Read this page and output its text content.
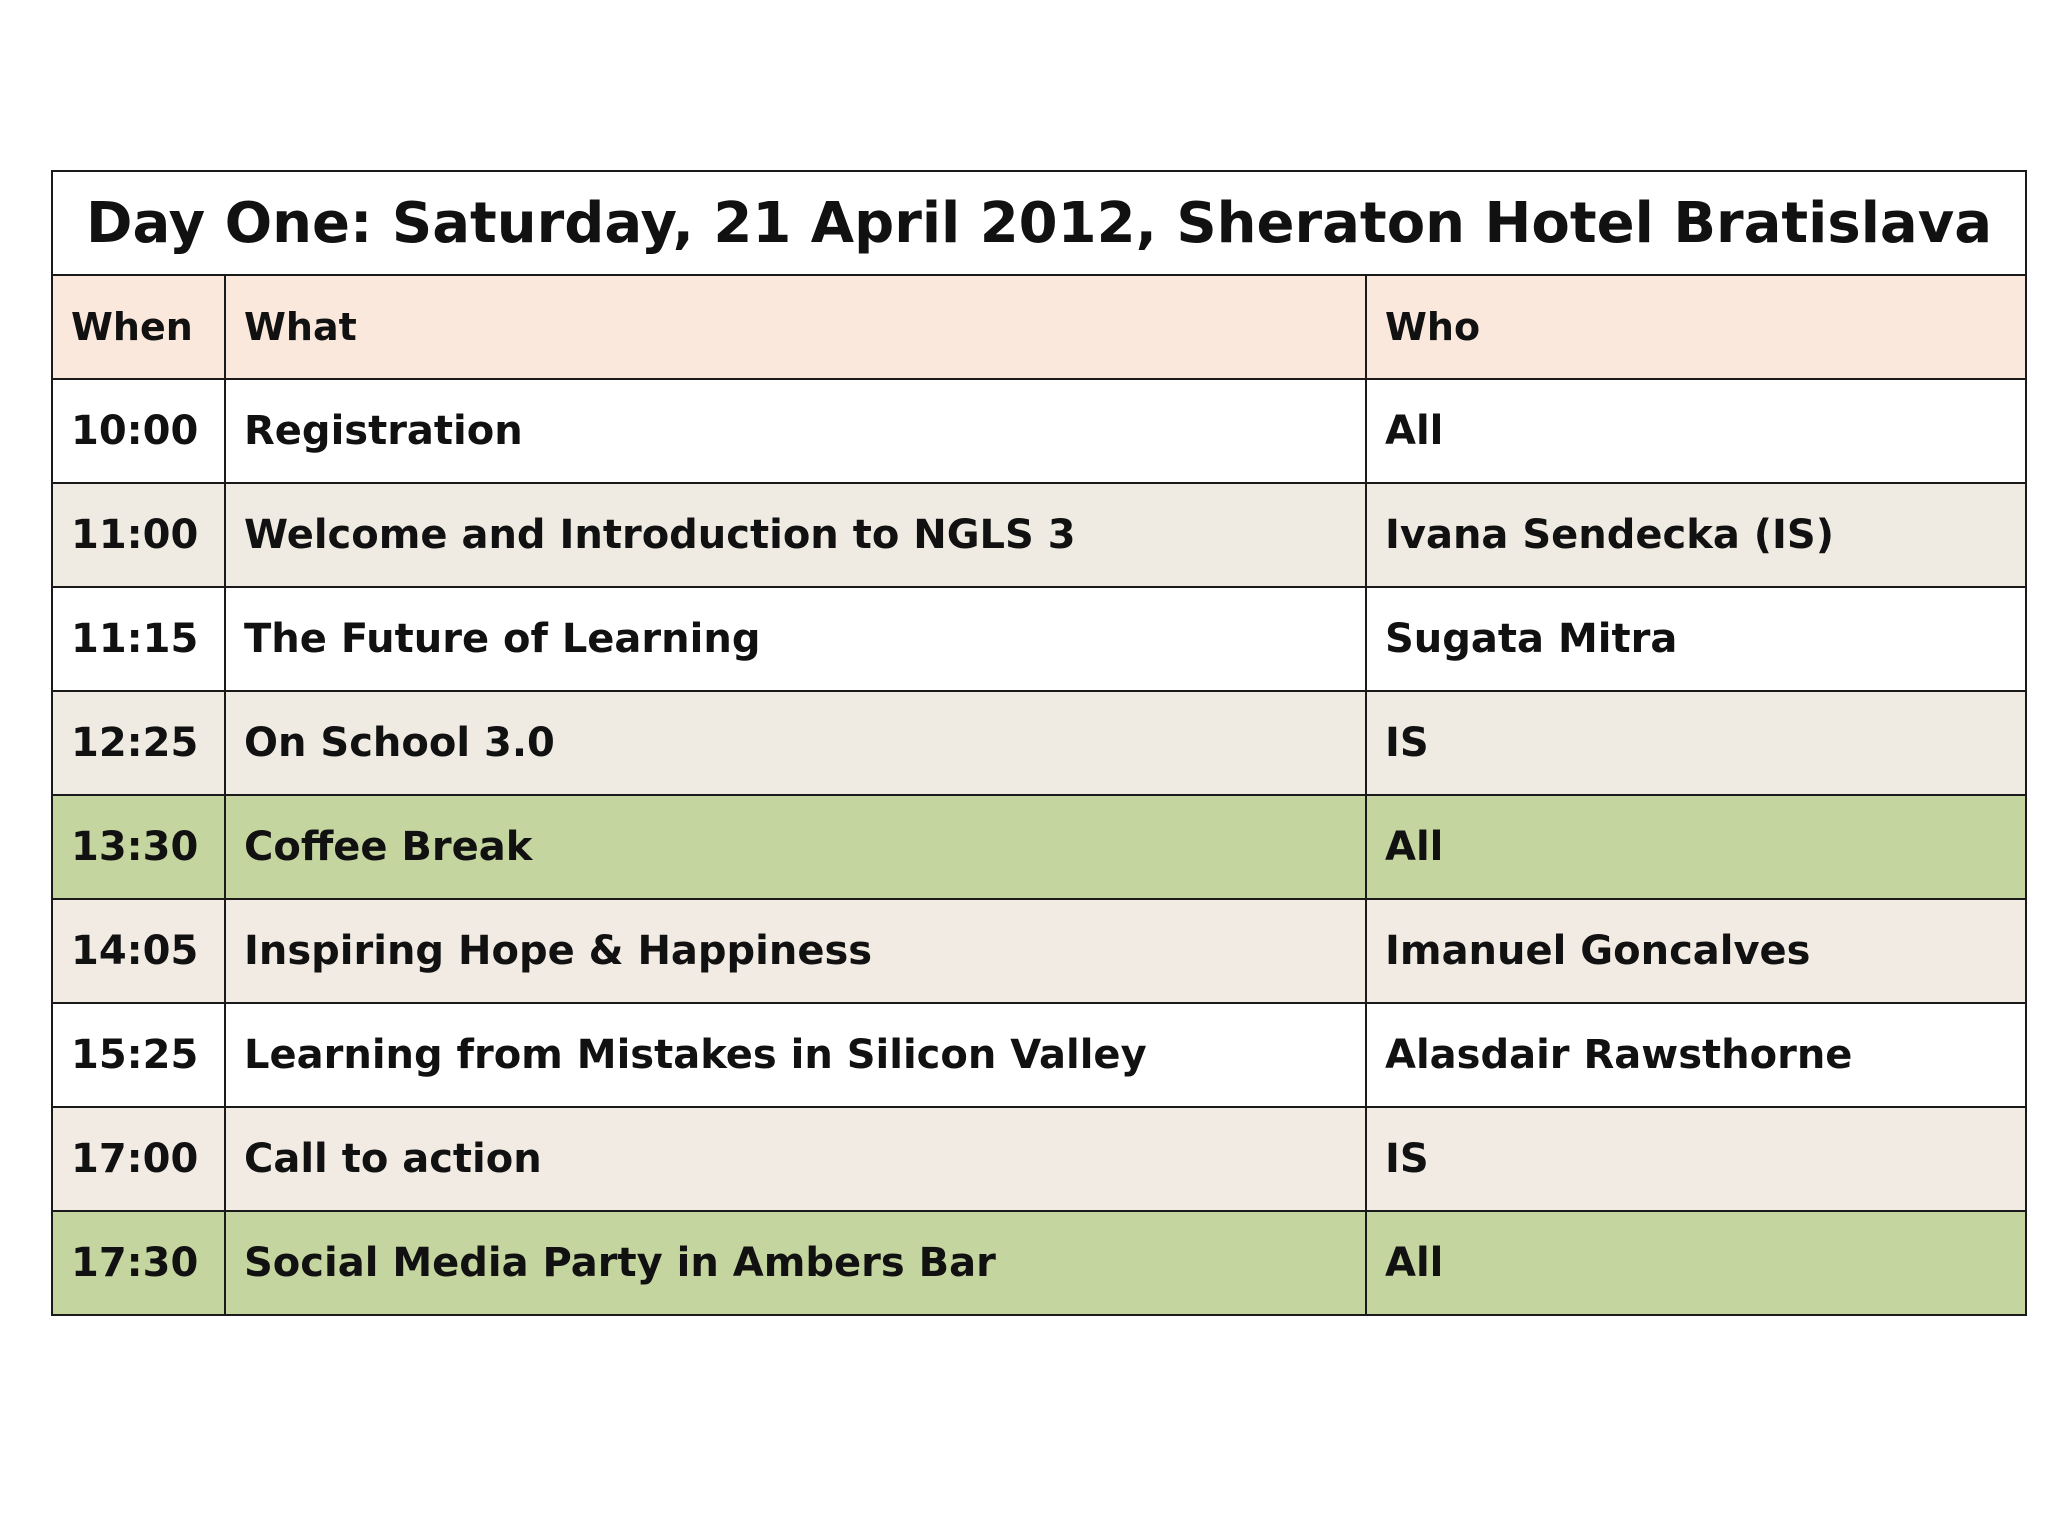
Day One: Saturday, 21 April 2012, Sheraton Hotel Bratislava		
When	What	Who
10:00	Registration	All
11:00	Welcome and Introduction to NGLS 3	Ivana Sendecka (IS)
11:15	The Future of Learning	Sugata Mitra
12:25	On School 3.0	IS
13:30	Coffee Break	All
14:05	Inspiring Hope & Happiness	Imanuel Goncalves
15:25	Learning from Mistakes in Silicon Valley	Alasdair Rawsthorne
17:00	Call to action	IS
17:30	Social Media Party in Ambers Bar	All
